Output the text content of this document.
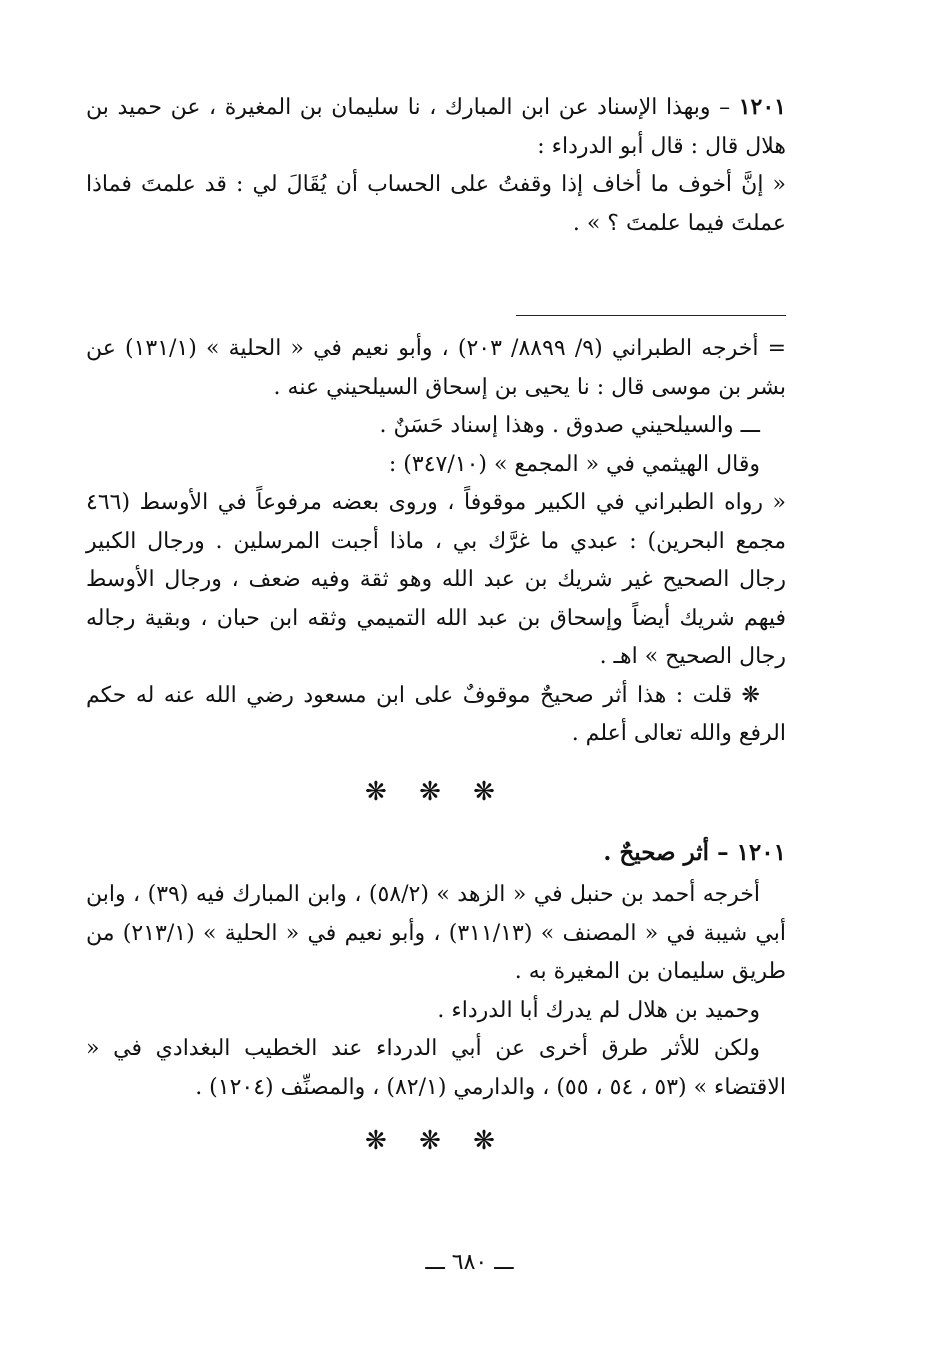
١٢٠١ – وبهذا الإسناد عن ابن المبارك ، نا سليمان بن المغيرة ، عن حميد بن هلال قال : قال أبو الدرداء :

« إنَّ أخوف ما أخاف إذا وقفتُ على الحساب أن يُقَالَ لي : قد علمتَ فماذا عملتَ فيما علمتَ ؟ » .

= أخرجه الطبراني (٩/ ٨٨٩٩/ ٢٠٣) ، وأبو نعيم في « الحلية » (١٣١/١) عن بشر بن موسى قال : نا يحيى بن إسحاق السيلحيني عنه .

ـــ والسيلحيني صدوق . وهذا إسناد حَسَنٌ .

وقال الهيثمي في « المجمع » (٣٤٧/١٠) :

« رواه الطبراني في الكبير موقوفاً ، وروى بعضه مرفوعاً في الأوسط (٤٦٦ مجمع البحرين) : عبدي ما غرَّك بي ، ماذا أجبت المرسلين . ورجال الكبير رجال الصحيح غير شريك بن عبد الله وهو ثقة وفيه ضعف ، ورجال الأوسط فيهم شريك أيضاً وإسحاق بن عبد الله التميمي وثقه ابن حبان ، وبقية رجاله رجال الصحيح » اهـ .

❋ قلت : هذا أثر صحيحٌ موقوفٌ على ابن مسعود رضي الله عنه له حكم الرفع والله تعالى أعلم .

❋ ❋ ❋

١٢٠١ – أثر صحيحٌ .

أخرجه أحمد بن حنبل في « الزهد » (٥٨/٢) ، وابن المبارك فيه (٣٩) ، وابن أبي شيبة في « المصنف » (٣١١/١٣) ، وأبو نعيم في « الحلية » (٢١٣/١) من طريق سليمان بن المغيرة به .

وحميد بن هلال لم يدرك أبا الدرداء .

ولكن للأثر طرق أخرى عن أبي الدرداء عند الخطيب البغدادي في « الاقتضاء » (٥٣ ، ٥٤ ، ٥٥) ، والدارمي (٨٢/١) ، والمصنِّف (١٢٠٤) .

❋ ❋ ❋
ـــ ٦٨٠ ـــ
